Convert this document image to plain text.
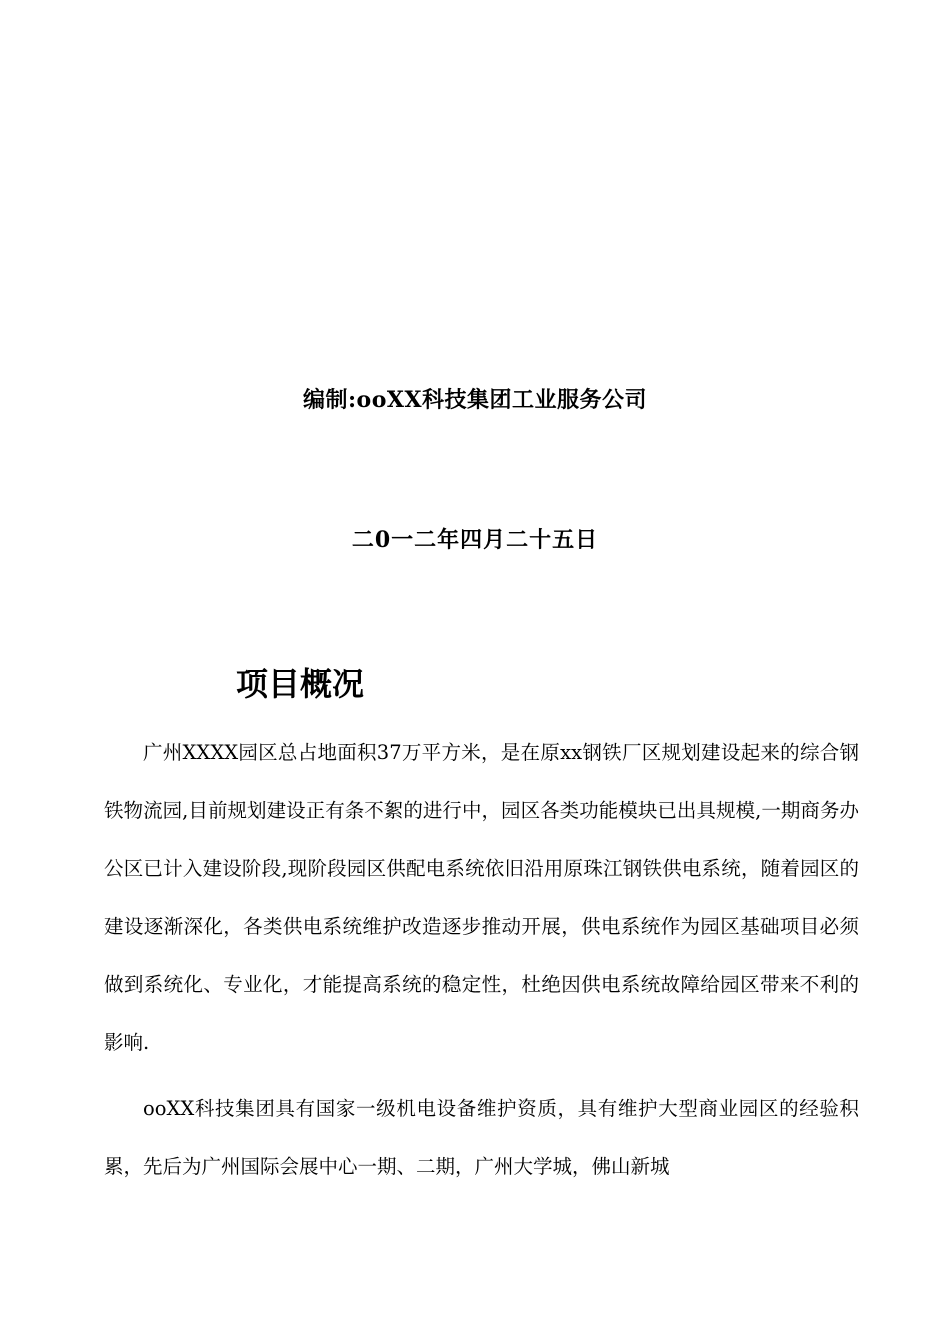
编制:ooXX科技集团工业服务公司
二0一二年四月二十五日
项目概况

广州XXXX园区总占地面积37万平方米，是在原xx钢铁厂区规划建设起来的综合钢铁物流园,目前规划建设正有条不絮的进行中，园区各类功能模块已出具规模,一期商务办公区已计入建设阶段,现阶段园区供配电系统依旧沿用原珠江钢铁供电系统，随着园区的建设逐渐深化，各类供电系统维护改造逐步推动开展，供电系统作为园区基础项目必须做到系统化、专业化，才能提高系统的稳定性，杜绝因供电系统故障给园区带来不利的影响.

ooXX科技集团具有国家一级机电设备维护资质，具有维护大型商业园区的经验积累，先后为广州国际会展中心一期、二期，广州大学城，佛山新城
